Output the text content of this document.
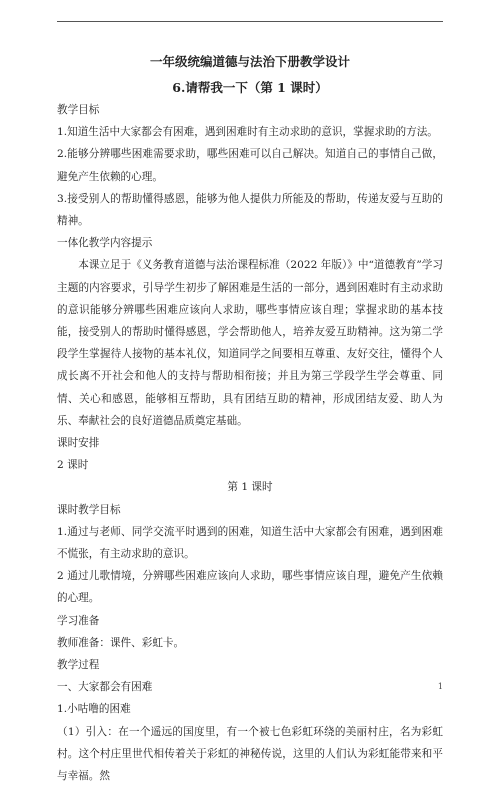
一年级统编道德与法治下册教学设计

6.请帮我一下（第 1 课时）

教学目标

1.知道生活中大家都会有困难，遇到困难时有主动求助的意识，掌握求助的方法。

2.能够分辨哪些困难需要求助，哪些困难可以自己解决。知道自己的事情自己做，避免产生依赖的心理。

3.接受别人的帮助懂得感恩，能够为他人提供力所能及的帮助，传递友爱与互助的精神。

一体化教学内容提示

本课立足于《义务教育道德与法治课程标准（2022 年版）》中“道德教育”学习主题的内容要求，引导学生初步了解困难是生活的一部分，遇到困难时有主动求助的意识能够分辨哪些困难应该向人求助，哪些事情应该自理；掌握求助的基本技能，接受别人的帮助时懂得感恩，学会帮助他人，培养友爱互助精神。这为第二学段学生掌握待人接物的基本礼仪，知道同学之间要相互尊重、友好交往，懂得个人成长离不开社会和他人的支持与帮助相衔接；并且为第三学段学生学会尊重、同情、关心和感恩，能够相互帮助，具有团结互助的精神，形成团结友爱、助人为乐、奉献社会的良好道德品质奠定基础。

课时安排

2 课时

第 1 课时

课时教学目标

1.通过与老师、同学交流平时遇到的困难，知道生活中大家都会有困难，遇到困难不慌张，有主动求助的意识。

2 通过儿歌情境，分辨哪些困难应该向人求助，哪些事情应该自理，避免产生依赖的心理。

学习准备

教师准备：课件、彩虹卡。

教学过程

一、大家都会有困难

1.小咕噜的困难

（1）引入：在一个遥远的国度里，有一个被七色彩虹环绕的美丽村庄，名为彩虹村。这个村庄里世代相传着关于彩虹的神秘传说，这里的人们认为彩虹能带来和平与幸福。然

1
